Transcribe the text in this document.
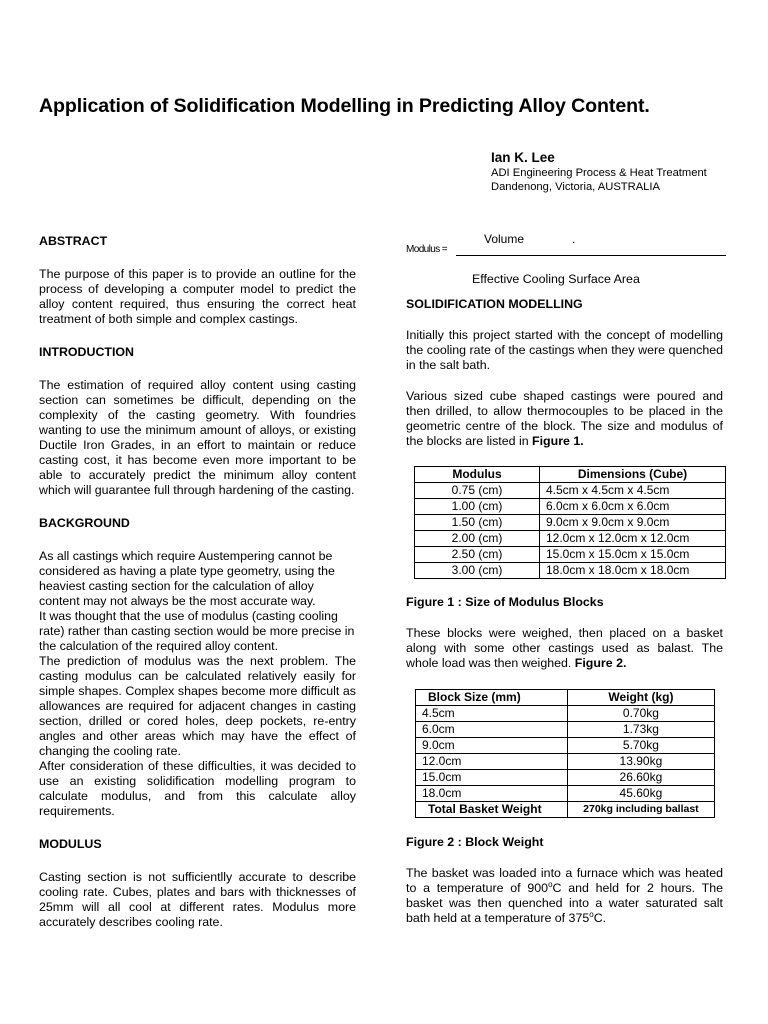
Application of Solidification Modelling in Predicting Alloy Content.
Ian K. Lee
ADI Engineering Process & Heat Treatment
Dandenong, Victoria, AUSTRALIA
ABSTRACT

The purpose of this paper is to provide an outline for the process of developing a computer model to predict the alloy content required, thus ensuring the correct heat treatment of both simple and complex castings.

INTRODUCTION

The estimation of required alloy content using casting section can sometimes be difficult, depending on the complexity of the casting geometry. With foundries wanting to use the minimum amount of alloys, or existing Ductile Iron Grades, in an effort to maintain or reduce casting cost, it has become even more important to be able to accurately predict the minimum alloy content which will guarantee full through hardening of the casting.

BACKGROUND

As all castings which require Austempering cannot be considered as having a plate type geometry, using the heaviest casting section for the calculation of alloy content may not always be the most accurate way.

It was thought that the use of modulus (casting cooling rate) rather than casting section would be more precise in the calculation of the required alloy content.

The prediction of modulus was the next problem. The casting modulus can be calculated relatively easily for simple shapes. Complex shapes become more difficult as allowances are required for adjacent changes in casting section, drilled or cored holes, deep pockets, re-entry angles and other areas which may have the effect of changing the cooling rate.

After consideration of these difficulties, it was decided to use an existing solidification modelling program to calculate modulus, and from this calculate alloy requirements.

MODULUS

Casting section is not sufficientlly accurate to describe cooling rate. Cubes, plates and bars with thicknesses of 25mm will all cool at different rates. Modulus more accurately describes cooling rate.

Modulus =
Volume	.
Effective Cooling Surface Area
SOLIDIFICATION MODELLING

Initially this project started with the concept of modelling the cooling rate of the castings when they were quenched in the salt bath.

Various sized cube shaped castings were poured and then drilled, to allow thermocouples to be placed in the geometric centre of the block. The size and modulus of the blocks are listed in Figure 1.

Modulus	Dimensions (Cube)
0.75 (cm)	4.5cm x 4.5cm x 4.5cm
1.00 (cm)	6.0cm x 6.0cm x 6.0cm
1.50 (cm)	9.0cm x 9.0cm x 9.0cm
2.00 (cm)	12.0cm x 12.0cm x 12.0cm
2.50 (cm)	15.0cm x 15.0cm x 15.0cm
3.00 (cm)	18.0cm x 18.0cm x 18.0cm
Figure 1 : Size of Modulus Blocks

These blocks were weighed, then placed on a basket along with some other castings used as balast. The whole load was then weighed. Figure 2.

Block Size (mm)	Weight (kg)
4.5cm	0.70kg
6.0cm	1.73kg
9.0cm	5.70kg
12.0cm	13.90kg
15.0cm	26.60kg
18.0cm	45.60kg
Total Basket Weight	270kg including ballast
Figure 2 : Block Weight

The basket was loaded into a furnace which was heated to a temperature of 900$^o$C and held for 2 hours. The basket was then quenched into a water saturated salt bath held at a temperature of 375$^o$C.
